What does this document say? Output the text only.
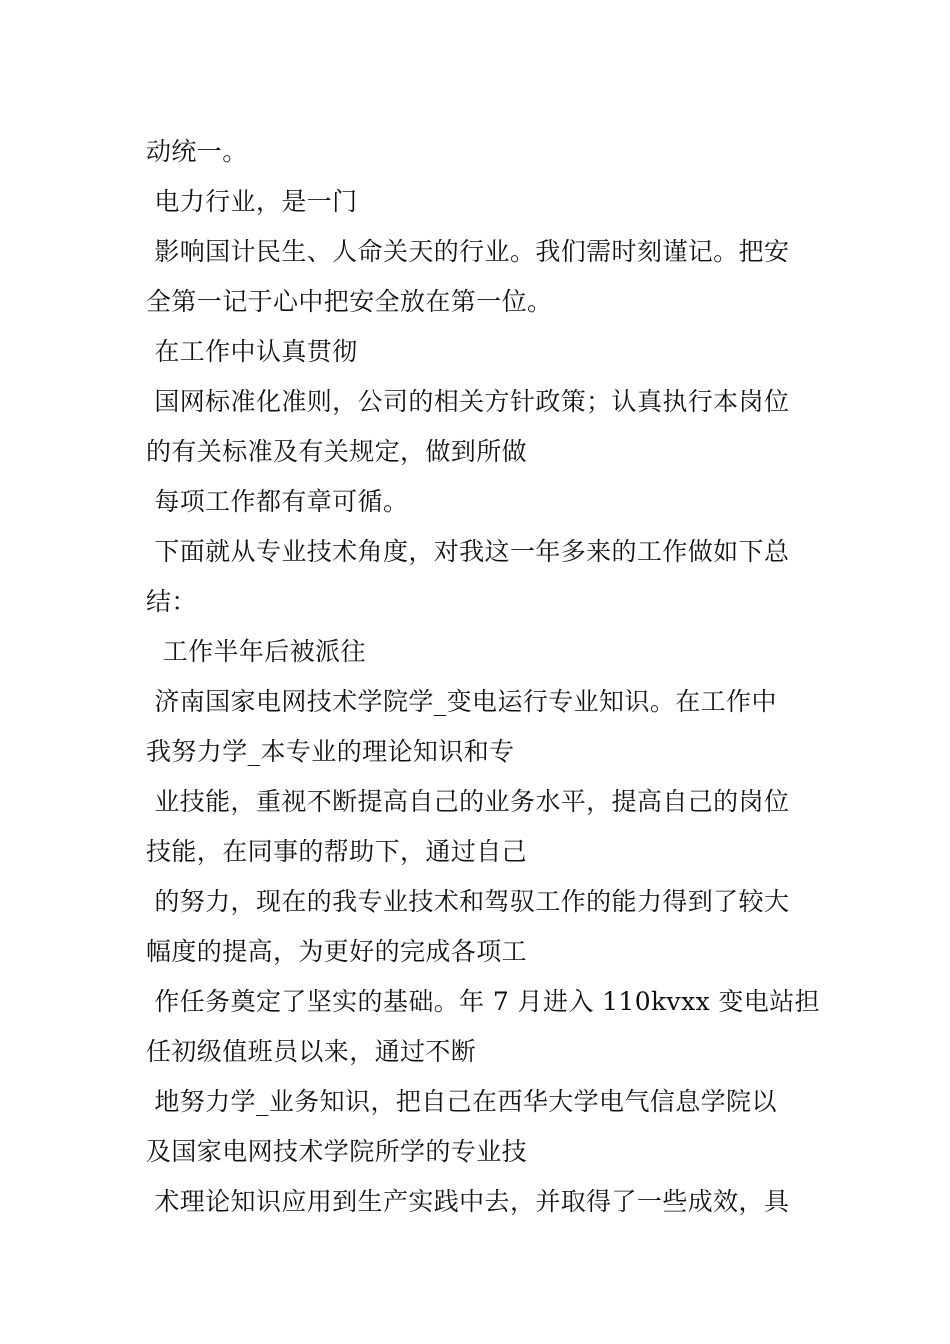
动统一。
电力行业，是一门
影响国计民生、人命关天的行业。我们需时刻谨记。把安
全第一记于心中把安全放在第一位。
在工作中认真贯彻
国网标准化准则，公司的相关方针政策；认真执行本岗位
的有关标准及有关规定，做到所做
每项工作都有章可循。
下面就从专业技术角度，对我这一年多来的工作做如下总
结：
工作半年后被派往
济南国家电网技术学院学_变电运行专业知识。在工作中
我努力学_本专业的理论知识和专
业技能，重视不断提高自己的业务水平，提高自己的岗位
技能，在同事的帮助下，通过自己
的努力，现在的我专业技术和驾驭工作的能力得到了较大
幅度的提高，为更好的完成各项工
作任务奠定了坚实的基础。年 7 月进入 110kvxx 变电站担
任初级值班员以来，通过不断
地努力学_业务知识，把自己在西华大学电气信息学院以
及国家电网技术学院所学的专业技
术理论知识应用到生产实践中去，并取得了一些成效，具
